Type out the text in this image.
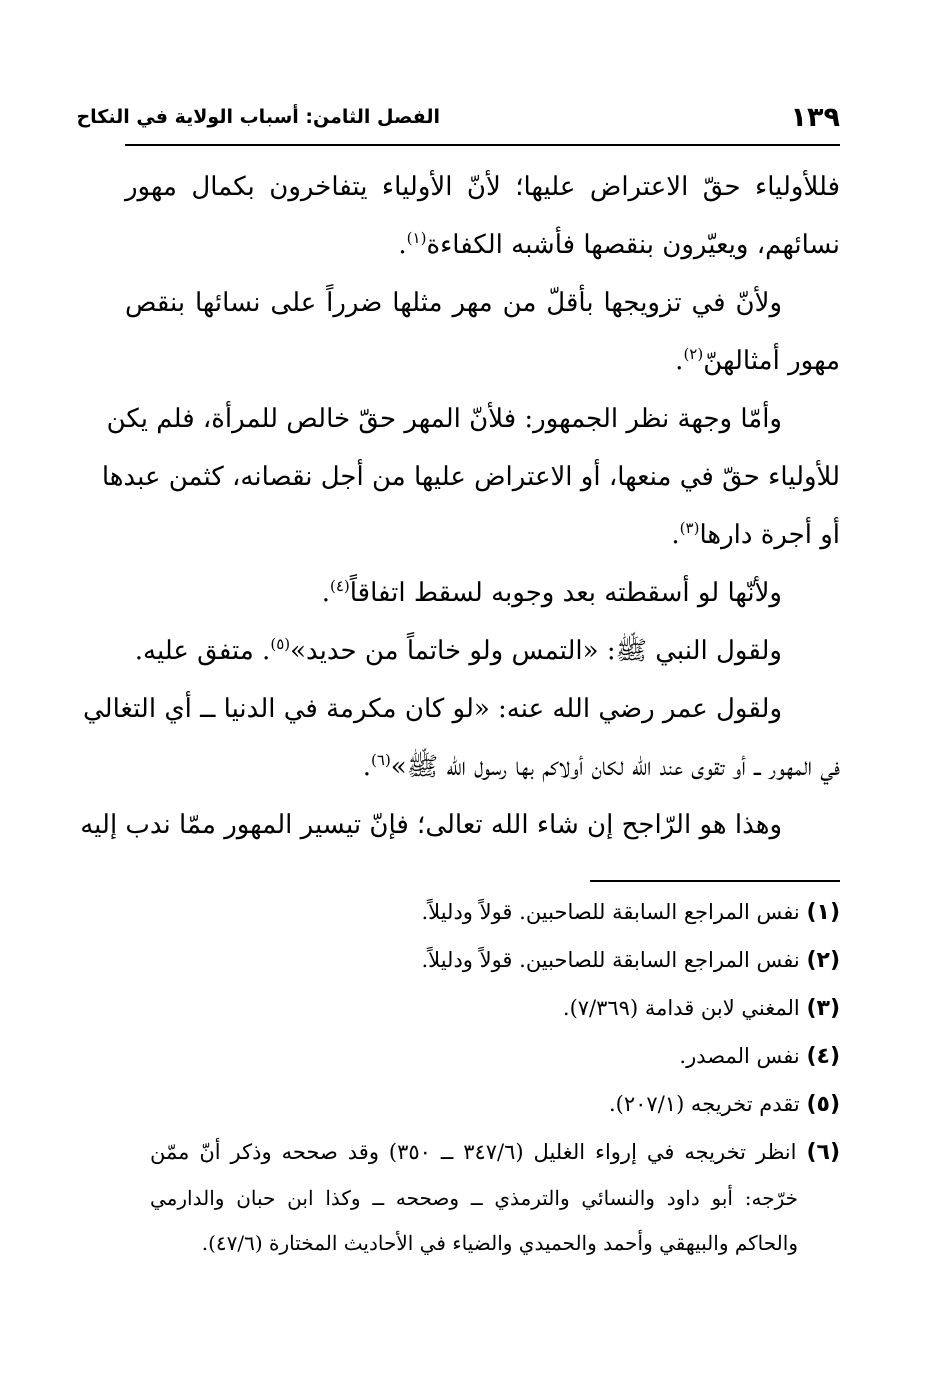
١٣٩
الفصل الثامن: أسباب الولاية في النكاح
فللأولياء حقّ الاعتراض عليها؛ لأنّ الأولياء يتفاخرون بكمال مهور
نسائهم، ويعيّرون بنقصها فأشبه الكفاءة$^{(١)}$.
ولأنّ في تزويجها بأقلّ من مهر مثلها ضرراً على نسائها بنقص
مهور أمثالهنّ$^{(٢)}$.
وأمّا وجهة نظر الجمهور: فلأنّ المهر حقّ خالص للمرأة، فلم يكن
للأولياء حقّ في منعها، أو الاعتراض عليها من أجل نقصانه، كثمن عبدها
أو أجرة دارها$^{(٣)}$.
ولأنّها لو أسقطته بعد وجوبه لسقط اتفاقاً$^{(٤)}$.
ولقول النبي ﷺ: «التمس ولو خاتماً من حديد»$^{(٥)}$. متفق عليه.
ولقول عمر رضي الله عنه: «لو كان مكرمة في الدنيا ــ أي التغالي
في المهور ــ أو تقوى عند الله لكان أولاكم بها رسول الله ﷺ»$^{(٦)}$.
وهذا هو الرّاجح إن شاء الله تعالى؛ فإنّ تيسير المهور ممّا ندب إليه
(١) نفس المراجع السابقة للصاحبين. قولاً ودليلاً.
(٢) نفس المراجع السابقة للصاحبين. قولاً ودليلاً.
(٣) المغني لابن قدامة (٧/٣٦٩).
(٤) نفس المصدر.
(٥) تقدم تخريجه (٢٠٧/١).
(٦) انظر تخريجه في إرواء الغليل (٣٤٧/٦ ــ ٣٥٠) وقد صححه وذكر أنّ ممّن
خرّجه: أبو داود والنسائي والترمذي ــ وصححه ــ وكذا ابن حبان والدارمي
والحاكم والبيهقي وأحمد والحميدي والضياء في الأحاديث المختارة (٤٧/٦).
